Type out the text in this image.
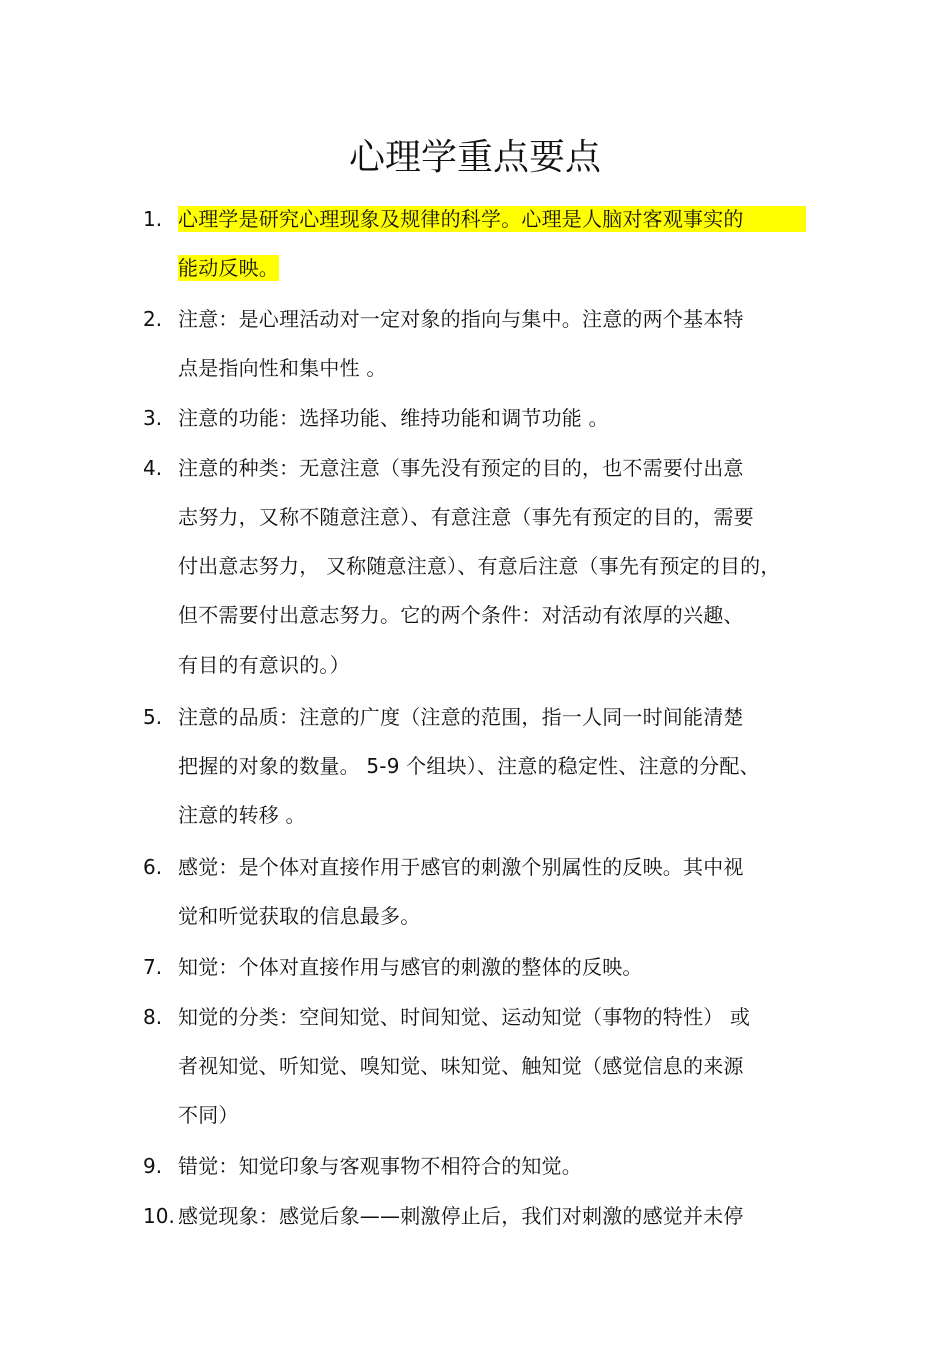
心理学重点要点
1. 心理学是研究心理现象及规律的科学。心理是人脑对客观事实的
能动反映。
2. 注意：是心理活动对一定对象的指向与集中。注意的两个基本特
点是指向性和集中性 。
3. 注意的功能：选择功能、维持功能和调节功能 。
4. 注意的种类：无意注意（事先没有预定的目的，也不需要付出意
志努力，又称不随意注意）、有意注意（事先有预定的目的，需要
付出意志努力， 又称随意注意）、有意后注意（事先有预定的目的，
但不需要付出意志努力。它的两个条件：对活动有浓厚的兴趣、
有目的有意识的。）
5. 注意的品质：注意的广度（注意的范围，指一人同一时间能清楚
把握的对象的数量。 5-9 个组块）、注意的稳定性、注意的分配、
注意的转移 。
6. 感觉：是个体对直接作用于感官的刺激个别属性的反映。其中视
觉和听觉获取的信息最多。
7. 知觉：个体对直接作用与感官的刺激的整体的反映。
8. 知觉的分类：空间知觉、时间知觉、运动知觉（事物的特性） 或
者视知觉、听知觉、嗅知觉、味知觉、触知觉（感觉信息的来源
不同）
9. 错觉：知觉印象与客观事物不相符合的知觉。
10. 感觉现象：感觉后象——刺激停止后，我们对刺激的感觉并未停
